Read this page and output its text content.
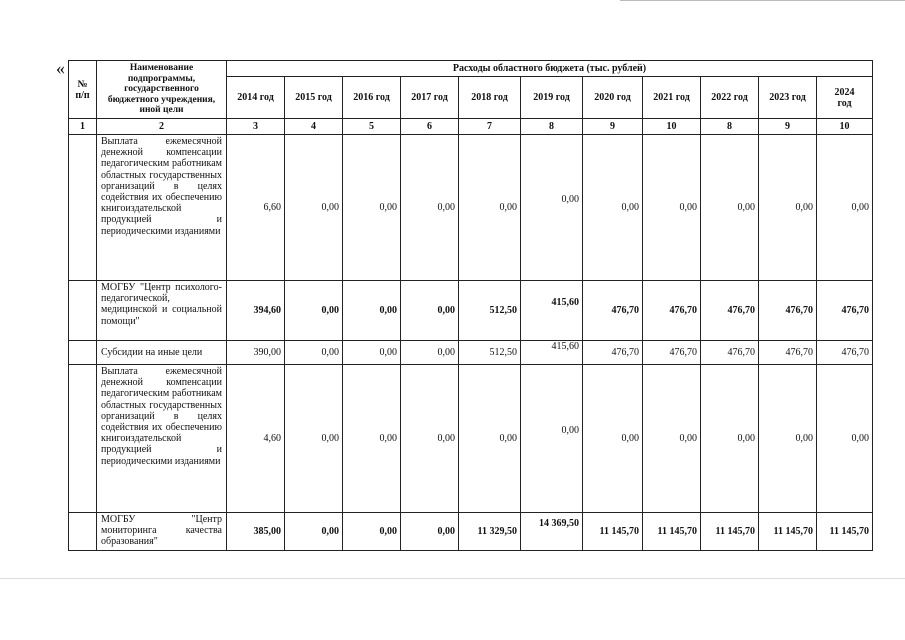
«
№ п/п	Наименование подпрограммы, государственного бюджетного учреждения, иной цели	Расходы областного бюджета (тыс. рублей)										
		2014 год	2015 год	2016 год	2017 год	2018 год	2019 год	2020 год	2021 год	2022 год	2023 год	2024 год
1	2	3	4	5	6	7	8	9	10	8	9	10
	Выплата ежемесячной денежной компенсации педагогическим работникам областных государственных организаций в целях содействия их обеспечению книгоиздательской продукцией и периодическими изданиями	6,60	0,00	0,00	0,00	0,00	0,00	0,00	0,00	0,00	0,00	0,00
	МОГБУ "Центр психолого-педагогической, медицинской и социальной помощи"	394,60	0,00	0,00	0,00	512,50	415,60	476,70	476,70	476,70	476,70	476,70
	Субсидии на иные цели	390,00	0,00	0,00	0,00	512,50	415,60	476,70	476,70	476,70	476,70	476,70
	Выплата ежемесячной денежной компенсации педагогическим работникам областных государственных организаций в целях содействия их обеспечению книгоиздательской продукцией и периодическими изданиями	4,60	0,00	0,00	0,00	0,00	0,00	0,00	0,00	0,00	0,00	0,00
	МОГБУ "Центр мониторинга качества образования"	385,00	0,00	0,00	0,00	11 329,50	14 369,50	11 145,70	11 145,70	11 145,70	11 145,70	11 145,70
